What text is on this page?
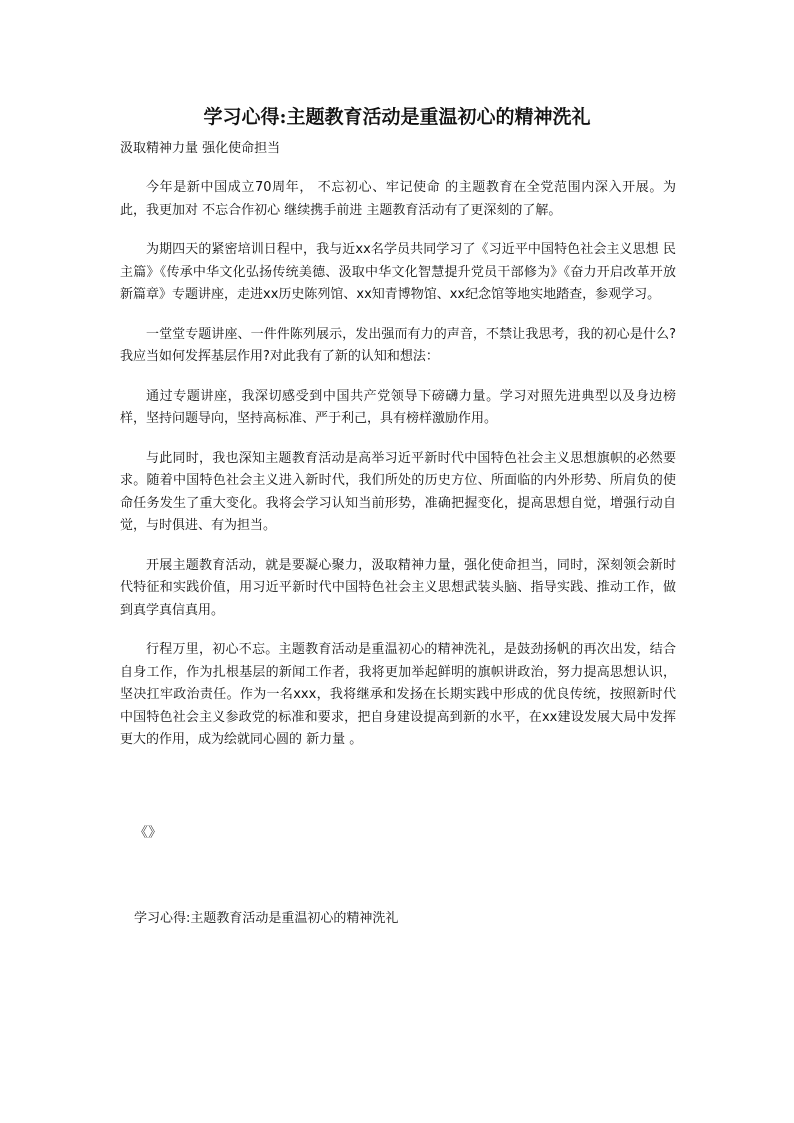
学习心得:主题教育活动是重温初心的精神洗礼

汲取精神力量 强化使命担当

今年是新中国成立70周年， 不忘初心、牢记使命 的主题教育在全党范围内深入开展。为此，我更加对 不忘合作初心 继续携手前进 主题教育活动有了更深刻的了解。

为期四天的紧密培训日程中，我与近xx名学员共同学习了《习近平中国特色社会主义思想 民主篇》《传承中华文化弘扬传统美德、汲取中华文化智慧提升党员干部修为》《奋力开启改革开放新篇章》专题讲座，走进xx历史陈列馆、xx知青博物馆、xx纪念馆等地实地踏查，参观学习。

一堂堂专题讲座、一件件陈列展示，发出强而有力的声音，不禁让我思考，我的初心是什么?我应当如何发挥基层作用?对此我有了新的认知和想法：

通过专题讲座，我深切感受到中国共产党领导下磅礴力量。学习对照先进典型以及身边榜样，坚持问题导向，坚持高标准、严于利己，具有榜样激励作用。

与此同时，我也深知主题教育活动是高举习近平新时代中国特色社会主义思想旗帜的必然要求。随着中国特色社会主义进入新时代，我们所处的历史方位、所面临的内外形势、所肩负的使命任务发生了重大变化。我将会学习认知当前形势，准确把握变化，提高思想自觉，增强行动自觉，与时俱进、有为担当。

开展主题教育活动，就是要凝心聚力，汲取精神力量，强化使命担当，同时，深刻领会新时代特征和实践价值，用习近平新时代中国特色社会主义思想武装头脑、指导实践、推动工作，做到真学真信真用。

行程万里，初心不忘。主题教育活动是重温初心的精神洗礼，是鼓劲扬帆的再次出发，结合自身工作，作为扎根基层的新闻工作者，我将更加举起鲜明的旗帜讲政治，努力提高思想认识，坚决扛牢政治责任。作为一名xxx，我将继承和发扬在长期实践中形成的优良传统，按照新时代中国特色社会主义参政党的标准和要求，把自身建设提高到新的水平，在xx建设发展大局中发挥更大的作用，成为绘就同心圆的 新力量 。

《》

学习心得:主题教育活动是重温初心的精神洗礼
